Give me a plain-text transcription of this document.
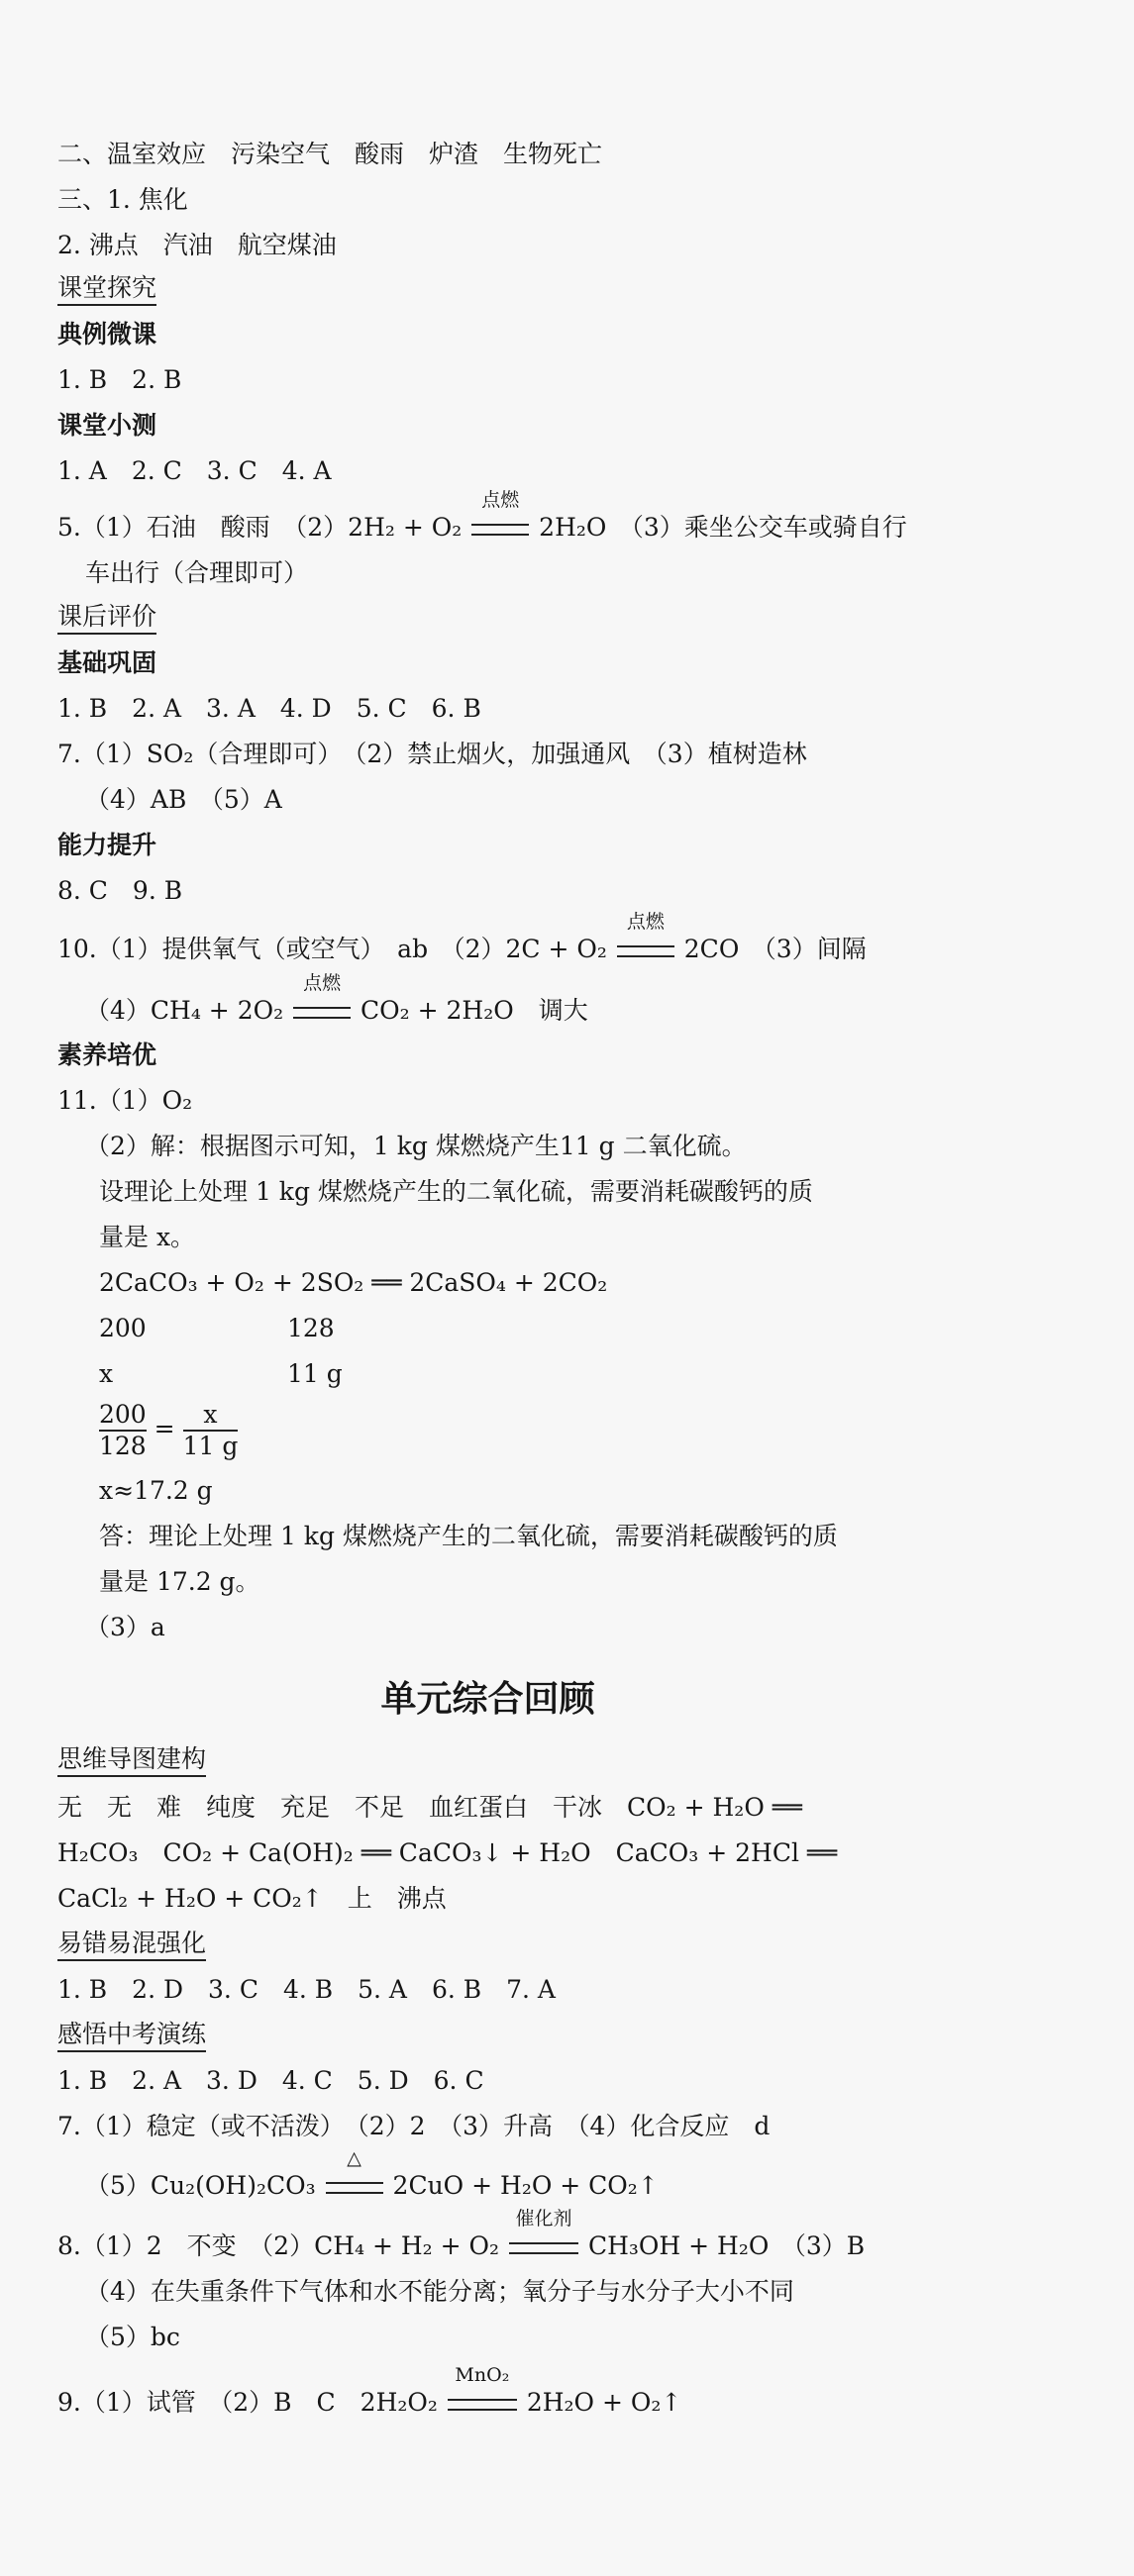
二、温室效应　污染空气　酸雨　炉渣　生物死亡
三、1. 焦化
2. 沸点　汽油　航空煤油
课堂探究
典例微课
1. B　2. B
课堂小测
1. A　2. C　3. C　4. A
5.（1）石油　酸雨　（2）2H₂ + O₂
点燃
2H₂O　（3）乘坐公交车或骑自行
车出行（合理即可）
课后评价
基础巩固
1. B　2. A　3. A　4. D　5. C　6. B
7.（1）SO₂（合理即可）　（2）禁止烟火，加强通风　（3）植树造林
（4）AB　（5）A
能力提升
8. C　9. B
10.（1）提供氧气（或空气）　ab　（2）2C + O₂
点燃
2CO　（3）间隔
（4）CH₄ + 2O₂
点燃
CO₂ + 2H₂O　调大
素养培优
11.（1）O₂
（2）解：根据图示可知，1 kg 煤燃烧产生11 g 二氧化硫。
设理论上处理 1 kg 煤燃烧产生的二氧化硫，需要消耗碳酸钙的质
量是 x。
2CaCO₃ + O₂ + 2SO₂ ══ 2CaSO₄ + 2CO₂
200	128
x	11 g
$\frac{200}{128} = \frac{x}{11 g}$
x≈17.2 g
答：理论上处理 1 kg 煤燃烧产生的二氧化硫，需要消耗碳酸钙的质
量是 17.2 g。
（3）a
单元综合回顾
思维导图建构
无　无　难　纯度　充足　不足　血红蛋白　干冰　CO₂ + H₂O ══
H₂CO₃　CO₂ + Ca(OH)₂ ══ CaCO₃↓ + H₂O　CaCO₃ + 2HCl ══
CaCl₂ + H₂O + CO₂↑　上　沸点
易错易混强化
1. B　2. D　3. C　4. B　5. A　6. B　7. A
感悟中考演练
1. B　2. A　3. D　4. C　5. D　6. C
7.（1）稳定（或不活泼）　（2）2　（3）升高　（4）化合反应　d
（5）Cu₂(OH)₂CO₃
△
2CuO + H₂O + CO₂↑
8.（1）2　不变　（2）CH₄ + H₂ + O₂
催化剂
CH₃OH + H₂O　（3）B
（4）在失重条件下气体和水不能分离；氧分子与水分子大小不同
（5）bc
9.（1）试管　（2）B　C　2H₂O₂
MnO₂
2H₂O + O₂↑
